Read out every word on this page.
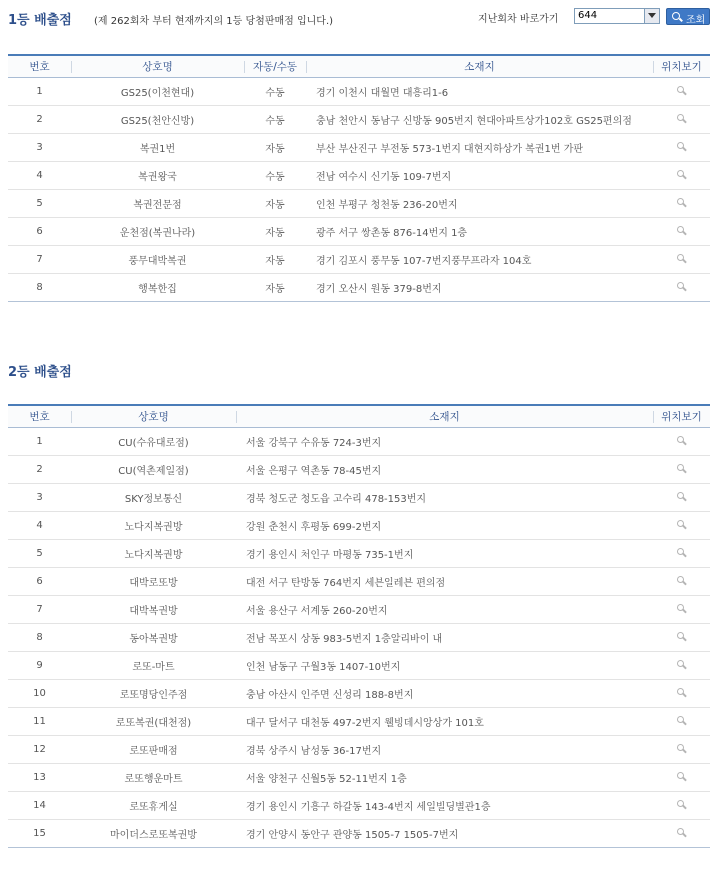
1등 배출점 (제 262회차 부터 현재까지의 1등 당첨판매점 입니다.)	지난회차 바로가기 644	조회
번호	상호명	자동/수동	소재지	위치보기
1	GS25(이천현대)	수동	경기 이천시 대월면 대흥리1-6	
2	GS25(천안신방)	수동	충남 천안시 동남구 신방동 905번지 현대아파트상가102호 GS25편의점	
3	복권1번	자동	부산 부산진구 부전동 573-1번지 대현지하상가 복권1번 가판	
4	복권왕국	수동	전남 여수시 신기동 109-7번지	
5	복권전문점	자동	인천 부평구 청천동 236-20번지	
6	운천점(복권나라)	자동	광주 서구 쌍촌동 876-14번지 1층	
7	풍무대박복권	자동	경기 김포시 풍무동 107-7번지풍무프라자 104호	
8	행복한집	자동	경기 오산시 원동 379-8번지	
2등 배출점
번호	상호명	소재지	위치보기
1	CU(수유대로점)	서울 강북구 수유동 724-3번지	
2	CU(역촌제일점)	서울 은평구 역촌동 78-45번지	
3	SKY정보통신	경북 청도군 청도읍 고수리 478-153번지	
4	노다지복권방	강원 춘천시 후평동 699-2번지	
5	노다지복권방	경기 용인시 처인구 마평동 735-1번지	
6	대박로또방	대전 서구 탄방동 764번지 세븐일레븐 편의점	
7	대박복권방	서울 용산구 서계동 260-20번지	
8	동아복권방	전남 목포시 상동 983-5번지 1층알리바이 내	
9	로또-마트	인천 남동구 구월3동 1407-10번지	
10	로또명당인주점	충남 아산시 인주면 신성리 188-8번지	
11	로또복권(대천점)	대구 달서구 대천동 497-2번지 웰빙데시앙상가 101호	
12	로또판매점	경북 상주시 남성동 36-17번지	
13	로또행운마트	서울 양천구 신월5동 52-11번지 1층	
14	로또휴게실	경기 용인시 기흥구 하갈동 143-4번지 세일빌딩별관1층	
15	마이더스로또복권방	경기 안양시 동안구 관양동 1505-7 1505-7번지	
